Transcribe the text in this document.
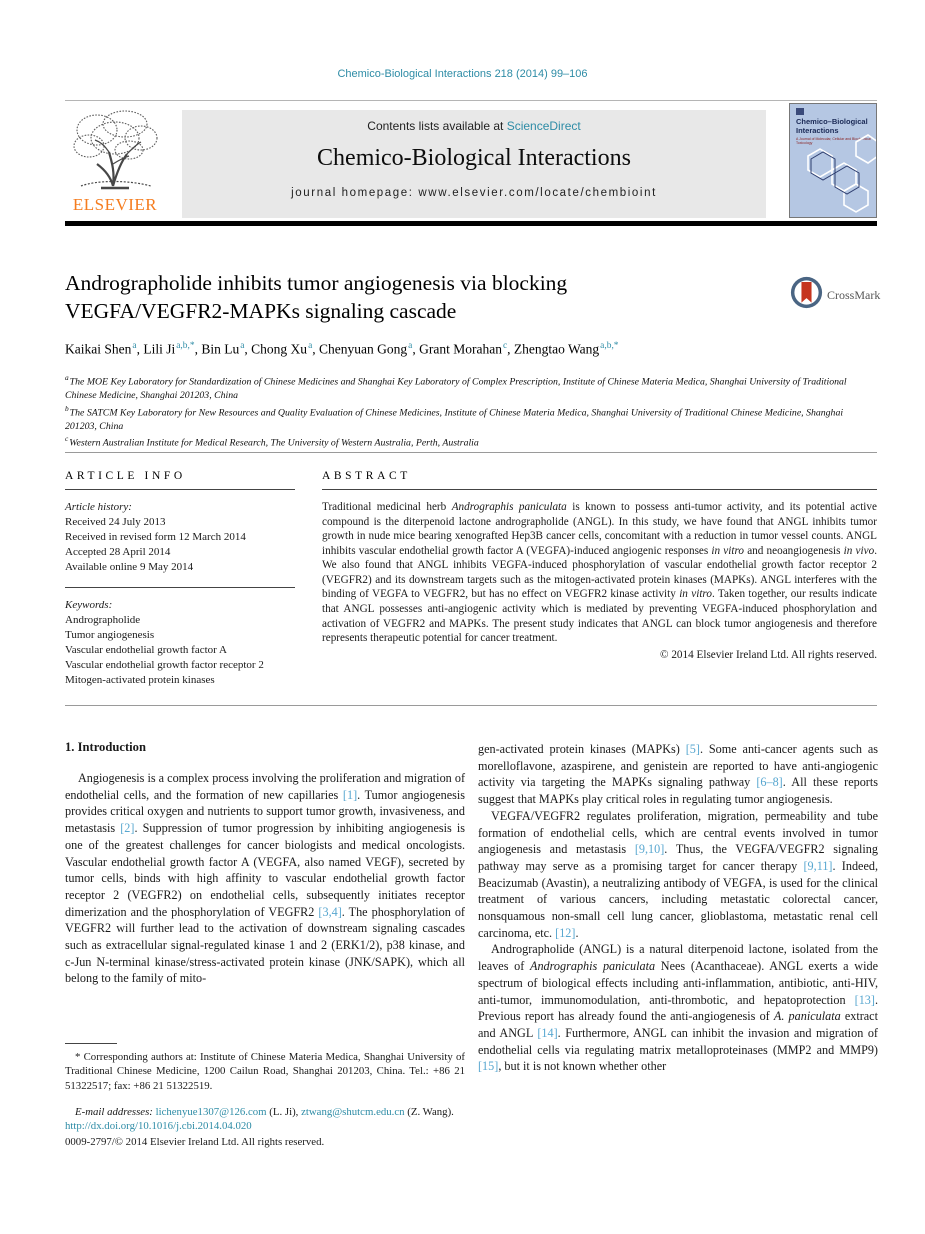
Chemico-Biological Interactions 218 (2014) 99–106
ELSEVIER
Contents lists available at ScienceDirect
Chemico-Biological Interactions
journal homepage: www.elsevier.com/locate/chembioint
Chemico–Biological Interactions
A Journal of Molecular, Cellular and Biochemical Toxicology
Andrographolide inhibits tumor angiogenesis via blocking
VEGFA/VEGFR2-MAPKs signaling cascade
CrossMark
Kaikai Shen$^a$, Lili $Ji^{a,b,*}$, Bin Lu$^a$, Chong Xu$^a$, Chenyuan Gong$^a$, Grant Morahan$^c$, Zhengtao Wang$^{a,b,*}$
$^a$The MOE Key Laboratory for Standardization of Chinese Medicines and Shanghai Key Laboratory of Complex Prescription, Institute of Chinese Materia Medica, Shanghai University of Traditional Chinese Medicine, Shanghai 201203, China
$^b$The SATCM Key Laboratory for New Resources and Quality Evaluation of Chinese Medicines, Institute of Chinese Materia Medica, Shanghai University of Traditional Chinese Medicine, Shanghai 201203, China
$^c$Western Australian Institute for Medical Research, The University of Western Australia, Perth, Australia
ARTICLE INFO
Article history:
Received 24 July 2013
Received in revised form 12 March 2014
Accepted 28 April 2014
Available online 9 May 2014
Keywords:
Andrographolide
Tumor angiogenesis
Vascular endothelial growth factor A
Vascular endothelial growth factor receptor 2
Mitogen-activated protein kinases
ABSTRACT
Traditional medicinal herb Andrographis paniculata is known to possess anti-tumor activity, and its potential active compound is the diterpenoid lactone andrographolide (ANGL). In this study, we have found that ANGL inhibits tumor growth in nude mice bearing xenografted Hep3B cancer cells, concomitant with a reduction in tumor vessel counts. ANGL inhibits vascular endothelial growth factor A (VEGFA)-induced angiogenic responses in vitro and neoangiogenesis in vivo. We also found that ANGL inhibits VEGFA-induced phosphorylation of vascular endothelial growth factor receptor 2 (VEGFR2) and its downstream targets such as the mitogen-activated protein kinases (MAPKs). ANGL interferes with the binding of VEGFA to VEGFR2, but has no effect on VEGFR2 kinase activity in vitro. Taken together, our results indicate that ANGL possesses anti-angiogenic activity which is mediated by preventing VEGFA-induced phosphorylation and activation of VEGFR2 and MAPKs. The present study indicates that ANGL can block tumor angiogenesis and therefore represents therapeutic potential for cancer treatment.
© 2014 Elsevier Ireland Ltd. All rights reserved.
1. Introduction

Angiogenesis is a complex process involving the proliferation and migration of endothelial cells, and the formation of new capillaries [1]. Tumor angiogenesis provides critical oxygen and nutrients to support tumor growth, invasiveness, and metastasis [2]. Suppression of tumor progression by inhibiting angiogenesis is one of the greatest challenges for cancer biologists and medical oncologists. Vascular endothelial growth factor A (VEGFA, also named VEGF), secreted by tumor cells, binds with high affinity to vascular endothelial growth factor receptor 2 (VEGFR2) on endothelial cells, subsequently initiates receptor dimerization and the phosphorylation of VEGFR2 [3,4]. The phosphorylation of VEGFR2 will further lead to the activation of downstream signaling cascades such as extracellular signal-regulated kinase 1 and 2 (ERK1/2), p38 kinase, and c-Jun N-terminal kinase/stress-activated protein kinase (JNK/SAPK), which all belong to the family of mito-

gen-activated protein kinases (MAPKs) [5]. Some anti-cancer agents such as morelloflavone, azaspirene, and genistein are reported to have anti-angiogenic activity via targeting the MAPKs signaling pathway [6–8]. All these reports suggest that MAPKs play critical roles in regulating tumor angiogenesis.

VEGFA/VEGFR2 regulates proliferation, migration, permeability and tube formation of endothelial cells, which are central events involved in tumor angiogenesis and metastasis [9,10]. Thus, the VEGFA/VEGFR2 signaling pathway may serve as a promising target for cancer therapy [9,11]. Indeed, Beacizumab (Avastin), a neutralizing antibody of VEGFA, is used for the clinical treatment of various cancers, including metastatic colorectal cancer, nonsquamous non-small cell lung cancer, glioblastoma, metastatic renal cell carcinoma, etc. [12].

Andrographolide (ANGL) is a natural diterpenoid lactone, isolated from the leaves of Andrographis paniculata Nees (Acanthaceae). ANGL exerts a wide spectrum of biological effects including anti-inflammation, antibiotic, anti-HIV, anti-tumor, immunomodulation, anti-thrombotic, and hepatoprotection [13]. Previous report has already found the anti-angiogenesis of A. paniculata extract and ANGL [14]. Furthermore, ANGL can inhibit the invasion and migration of endothelial cells via regulating matrix metalloproteinases (MMP2 and MMP9) [15], but it is not known whether other

* Corresponding authors at: Institute of Chinese Materia Medica, Shanghai University of Traditional Chinese Medicine, 1200 Cailun Road, Shanghai 201203, China. Tel.: +86 21 51322517; fax: +86 21 51322519.

E-mail addresses: lichenyue1307@126.com (L. Ji), ztwang@shutcm.edu.cn (Z. Wang).

http://dx.doi.org/10.1016/j.cbi.2014.04.020
0009-2797/© 2014 Elsevier Ireland Ltd. All rights reserved.
